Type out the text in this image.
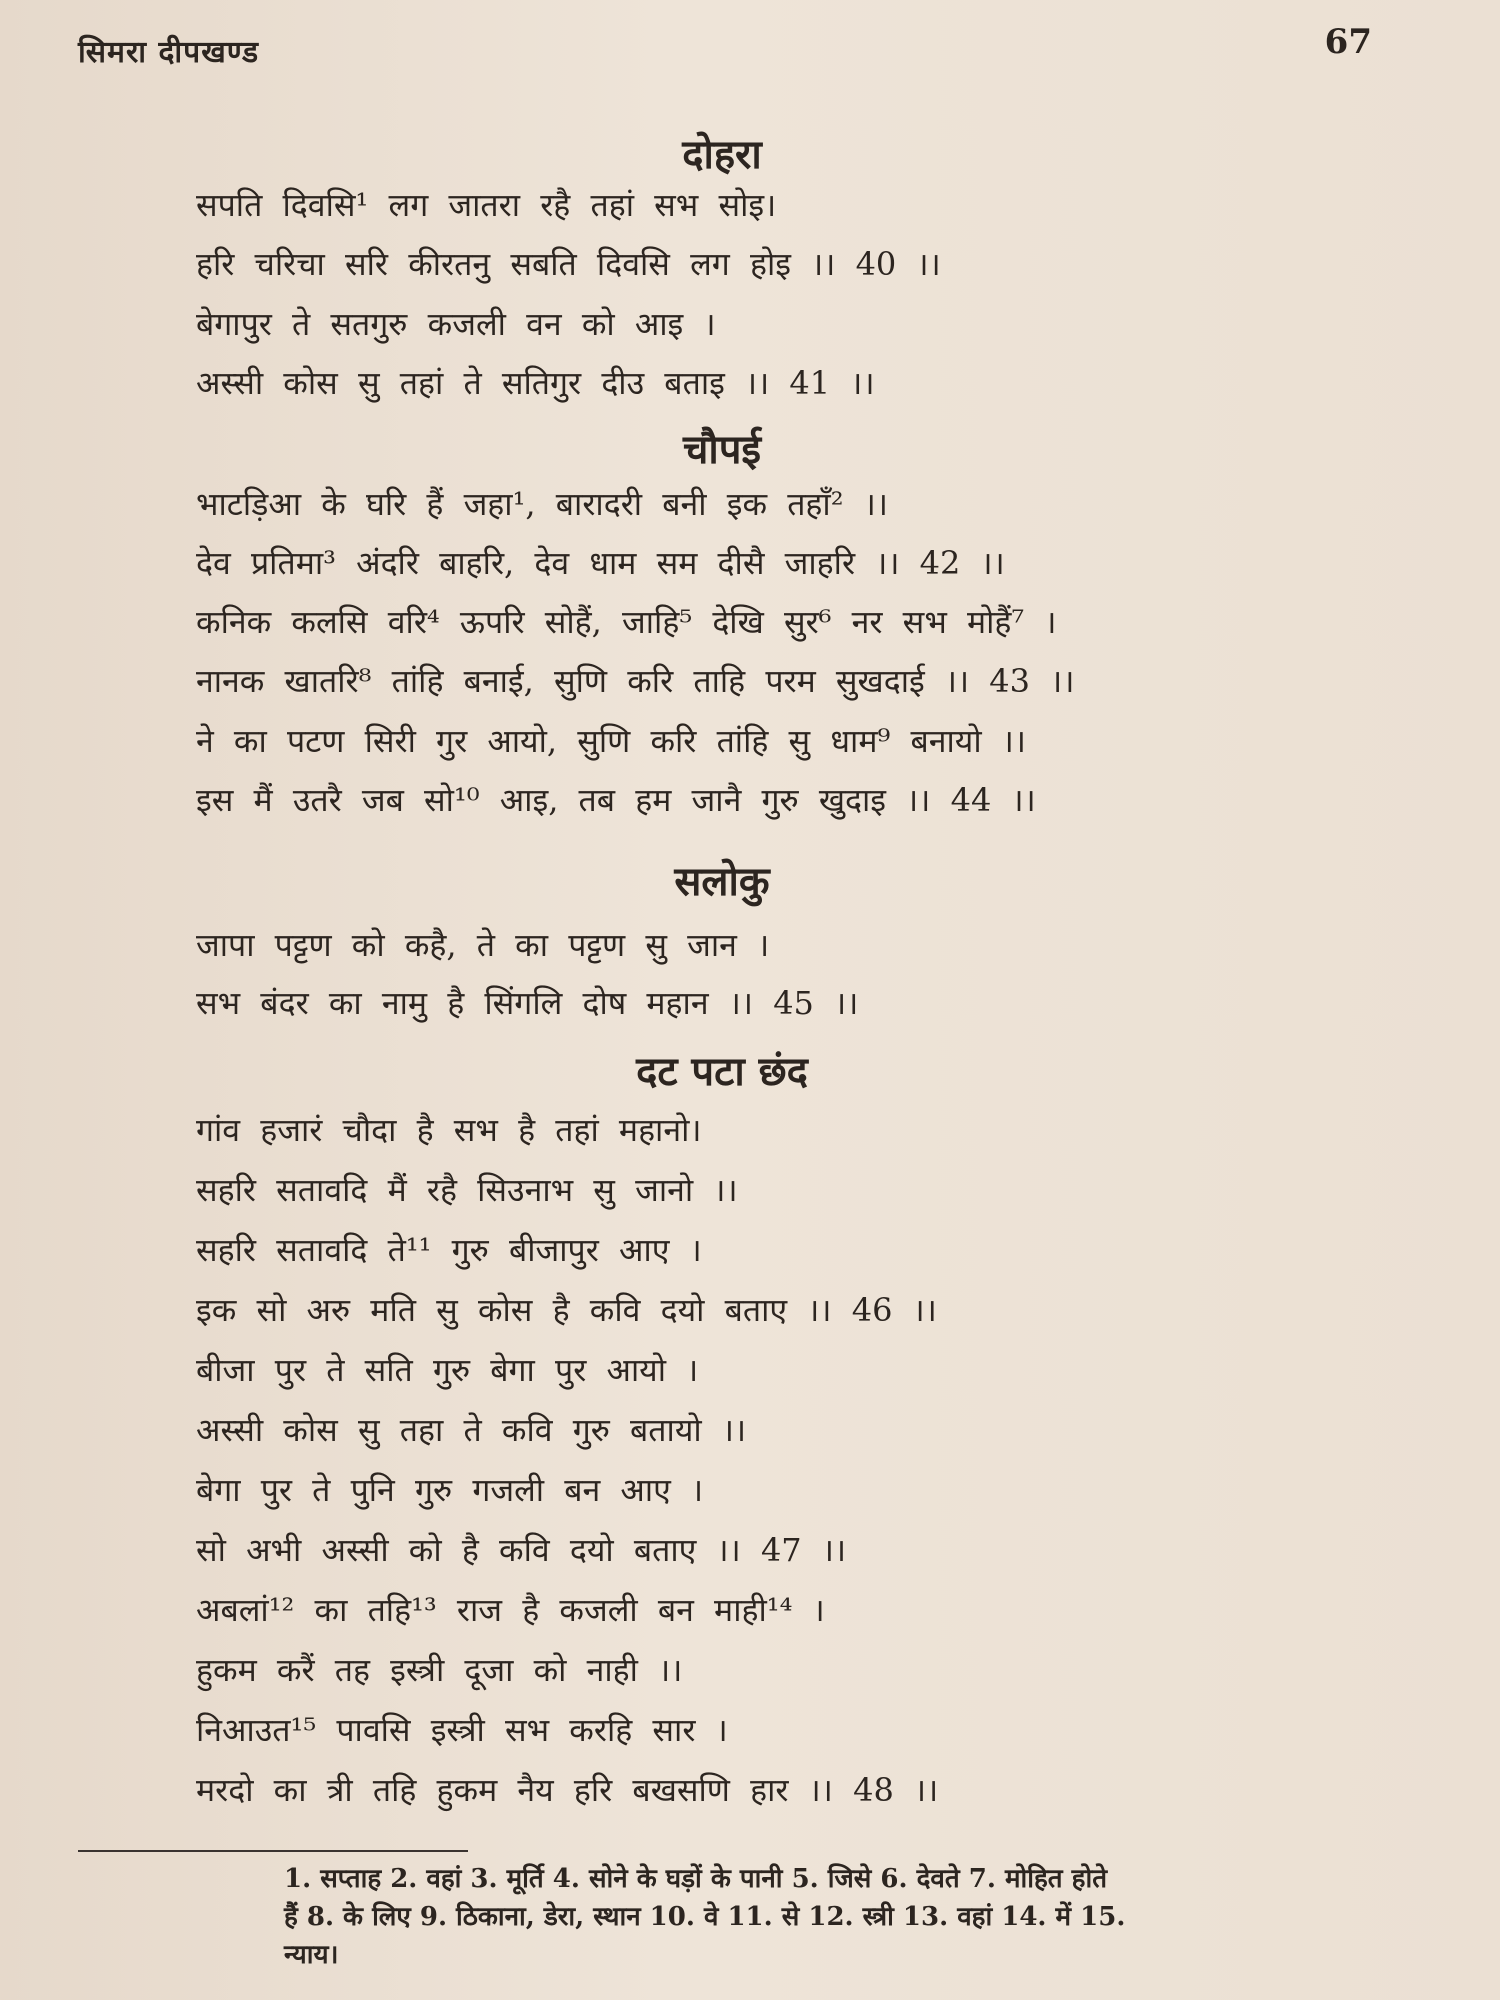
सिमरा दीपखण्ड	67
दोहरा
सपति दिवसि¹ लग जातरा रहै तहां सभ सोइ।
हरि चरिचा सरि कीरतनु सबति दिवसि लग होइ ।। 40 ।।
बेगापुर ते सतगुरु कजली वन को आइ ।
अस्सी कोस सु तहां ते सतिगुर दीउ बताइ ।। 41 ।।
चौपई
भाटड़िआ के घरि हैं जहा¹, बारादरी बनी इक तहाँ² ।।
देव प्रतिमा³ अंदरि बाहरि, देव धाम सम दीसै जाहरि ।। 42 ।।
कनिक कलसि वरि⁴ ऊपरि सोहैं, जाहि⁵ देखि सुर⁶ नर सभ मोहैं⁷ ।
नानक खातरि⁸ तांहि बनाई, सुणि करि ताहि परम सुखदाई ।। 43 ।।
ने का पटण सिरी गुर आयो, सुणि करि तांहि सु धाम⁹ बनायो ।।
इस मैं उतरै जब सो¹⁰ आइ, तब हम जानै गुरु खुदाइ ।। 44 ।।
सलोकु
जापा पट्टण को कहै, ते का पट्टण सु जान ।
सभ बंदर का नामु है सिंगलि दोष महान ।। 45 ।।
दट पटा छंद
गांव हजारं चौदा है सभ है तहां महानो।
सहरि सतावदि मैं रहै सिउनाभ सु जानो ।।
सहरि सतावदि ते¹¹ गुरु बीजापुर आए ।
इक सो अरु मति सु कोस है कवि दयो बताए ।। 46 ।।
बीजा पुर ते सति गुरु बेगा पुर आयो ।
अस्सी कोस सु तहा ते कवि गुरु बतायो ।।
बेगा पुर ते पुनि गुरु गजली बन आए ।
सो अभी अस्सी को है कवि दयो बताए ।। 47 ।।
अबलां¹² का तहि¹³ राज है कजली बन माही¹⁴ ।
हुकम करैं तह इस्त्री दूजा को नाही ।।
निआउत¹⁵ पावसि इस्त्री सभ करहि सार ।
मरदो का त्री तहि हुकम नैय हरि बखसणि हार ।। 48 ।।
1. सप्ताह 2. वहां 3. मूर्ति 4. सोने के घड़ों के पानी 5. जिसे 6. देवते 7. मोहित होते
हैं 8. के लिए 9. ठिकाना, डेरा, स्थान 10. वे 11. से 12. स्त्री 13. वहां 14. में 15.
न्याय।
